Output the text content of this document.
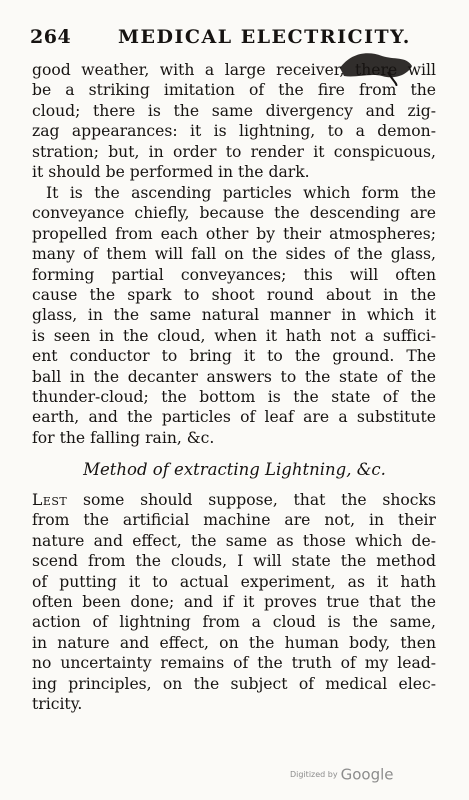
264 MEDICAL ELECTRICITY.
good weather, with a large receiver, there will
be a striking imitation of the fire from the
cloud; there is the same divergency and zig-
zag appearances: it is lightning, to a demon-
stration; but, in order to render it conspicuous,
it should be performed in the dark.
It is the ascending particles which form the
conveyance chiefly, because the descending are
propelled from each other by their atmospheres;
many of them will fall on the sides of the glass,
forming partial conveyances; this will often
cause the spark to shoot round about in the
glass, in the same natural manner in which it
is seen in the cloud, when it hath not a suffici-
ent conductor to bring it to the ground. The
ball in the decanter answers to the state of the
thunder-cloud; the bottom is the state of the
earth, and the particles of leaf are a substitute
for the falling rain, &c.
Method of extracting Lightning, &c.
Lest some should suppose, that the shocks
from the artificial machine are not, in their
nature and effect, the same as those which de-
scend from the clouds, I will state the method
of putting it to actual experiment, as it hath
often been done; and if it proves true that the
action of lightning from a cloud is the same,
in nature and effect, on the human body, then
no uncertainty remains of the truth of my lead-
ing principles, on the subject of medical elec-
tricity.
Digitized by Google
